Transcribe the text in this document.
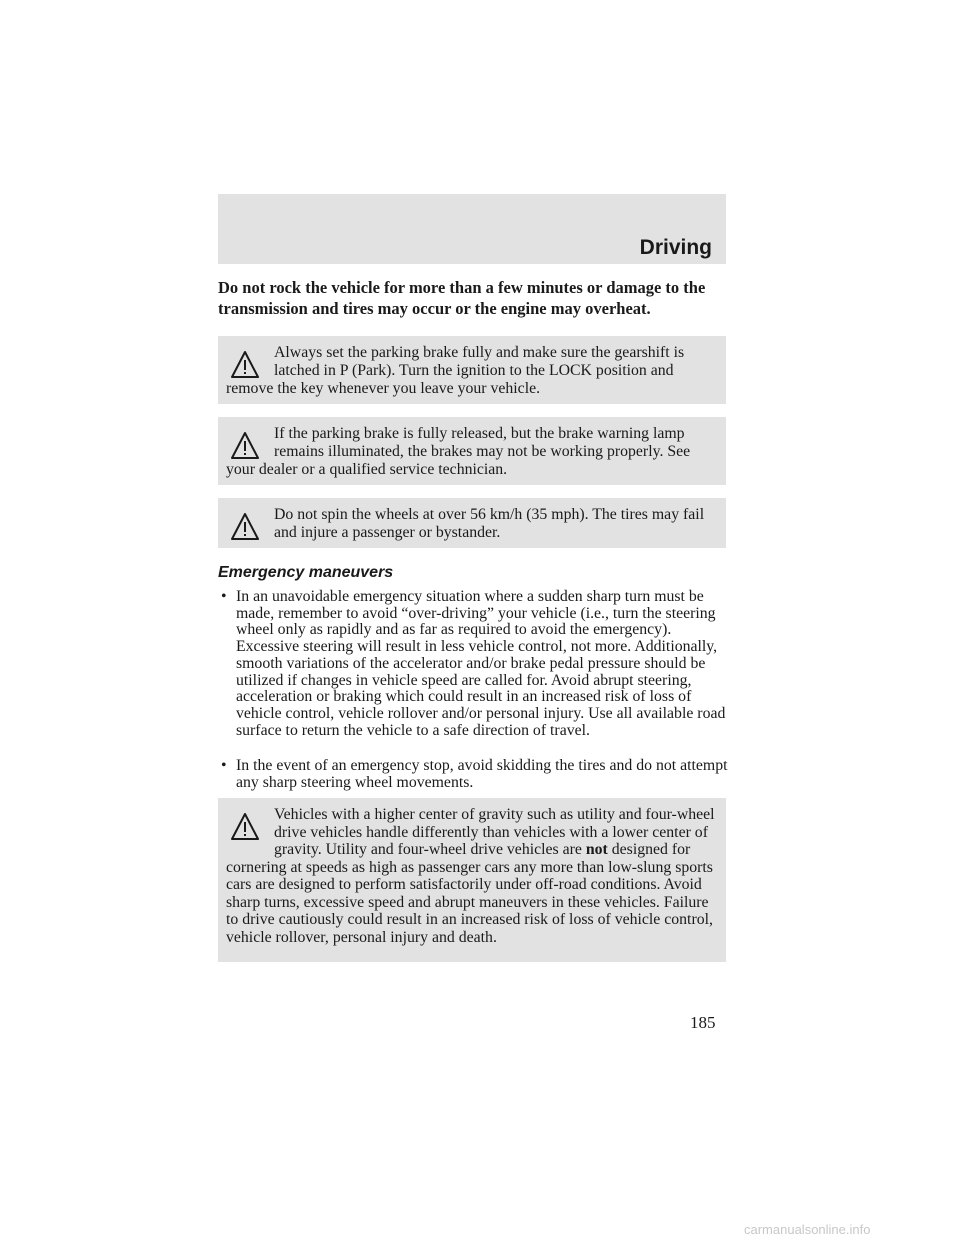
Driving
Do not rock the vehicle for more than a few minutes or damage to the transmission and tires may occur or the engine may overheat.

Always set the parking brake fully and make sure the gearshift is latched in P (Park). Turn the ignition to the LOCK position and remove the key whenever you leave your vehicle.

If the parking brake is fully released, but the brake warning lamp remains illuminated, the brakes may not be working properly. See your dealer or a qualified service technician.

Do not spin the wheels at over 56 km/h (35 mph). The tires may fail and injure a passenger or bystander.

Emergency maneuvers
• In an unavoidable emergency situation where a sudden sharp turn must be made, remember to avoid “over-driving” your vehicle (i.e., turn the steering wheel only as rapidly and as far as required to avoid the emergency). Excessive steering will result in less vehicle control, not more. Additionally, smooth variations of the accelerator and/or brake pedal pressure should be utilized if changes in vehicle speed are called for. Avoid abrupt steering, acceleration or braking which could result in an increased risk of loss of vehicle control, vehicle rollover and/or personal injury. Use all available road surface to return the vehicle to a safe direction of travel.
• In the event of an emergency stop, avoid skidding the tires and do not attempt any sharp steering wheel movements.

Vehicles with a higher center of gravity such as utility and four-wheel drive vehicles handle differently than vehicles with a lower center of gravity. Utility and four-wheel drive vehicles are not designed for cornering at speeds as high as passenger cars any more than low-slung sports cars are designed to perform satisfactorily under off-road conditions. Avoid sharp turns, excessive speed and abrupt maneuvers in these vehicles. Failure to drive cautiously could result in an increased risk of loss of vehicle control, vehicle rollover, personal injury and death.

185
carmanualsonline.info
